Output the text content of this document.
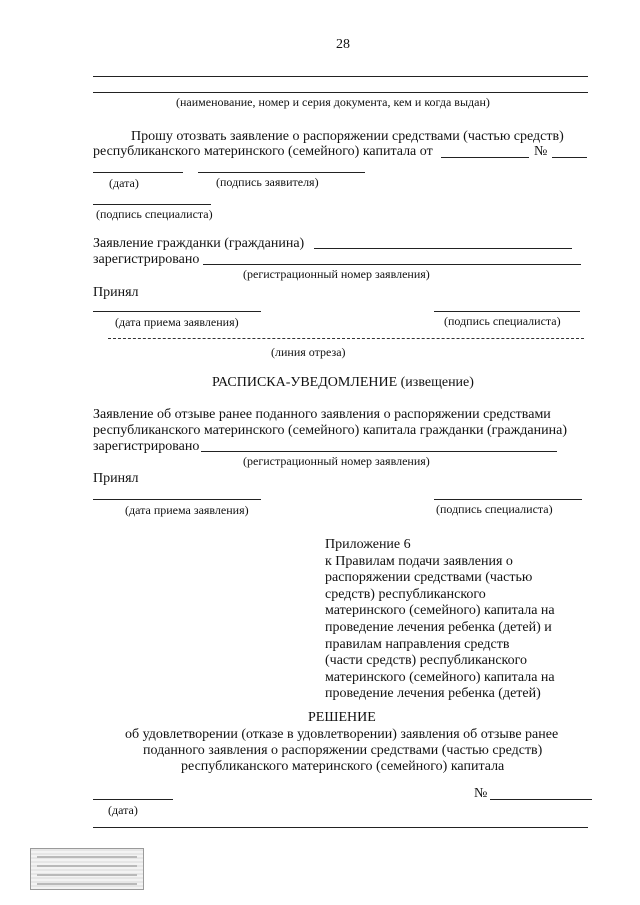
28
(наименование, номер и серия документа, кем и когда выдан)
Прошу отозвать заявление о распоряжении средствами (частью средств)
республиканского материнского (семейного) капитала от	№
(дата)	(подпись заявителя)
(подпись специалиста)
Заявление гражданки (гражданина)
зарегистрировано
(регистрационный номер заявления)
Принял
(дата приема заявления)	(подпись специалиста)
(линия отреза)
РАСПИСКА-УВЕДОМЛЕНИЕ (извещение)
Заявление об отзыве ранее поданного заявления о распоряжении средствами
республиканского материнского (семейного) капитала гражданки (гражданина)
зарегистрировано
(регистрационный номер заявления)
Принял
(дата приема заявления)	(подпись специалиста)
Приложение 6
к Правилам подачи заявления о
распоряжении средствами (частью
средств) республиканского
материнского (семейного) капитала на
проведение лечения ребенка (детей) и
правилам направления средств
(части средств) республиканского
материнского (семейного) капитала на
проведение лечения ребенка (детей)
РЕШЕНИЕ
об удовлетворении (отказе в удовлетворении) заявления об отзыве ранее
поданного заявления о распоряжении средствами (частью средств)
республиканского материнского (семейного) капитала
№
(дата)
